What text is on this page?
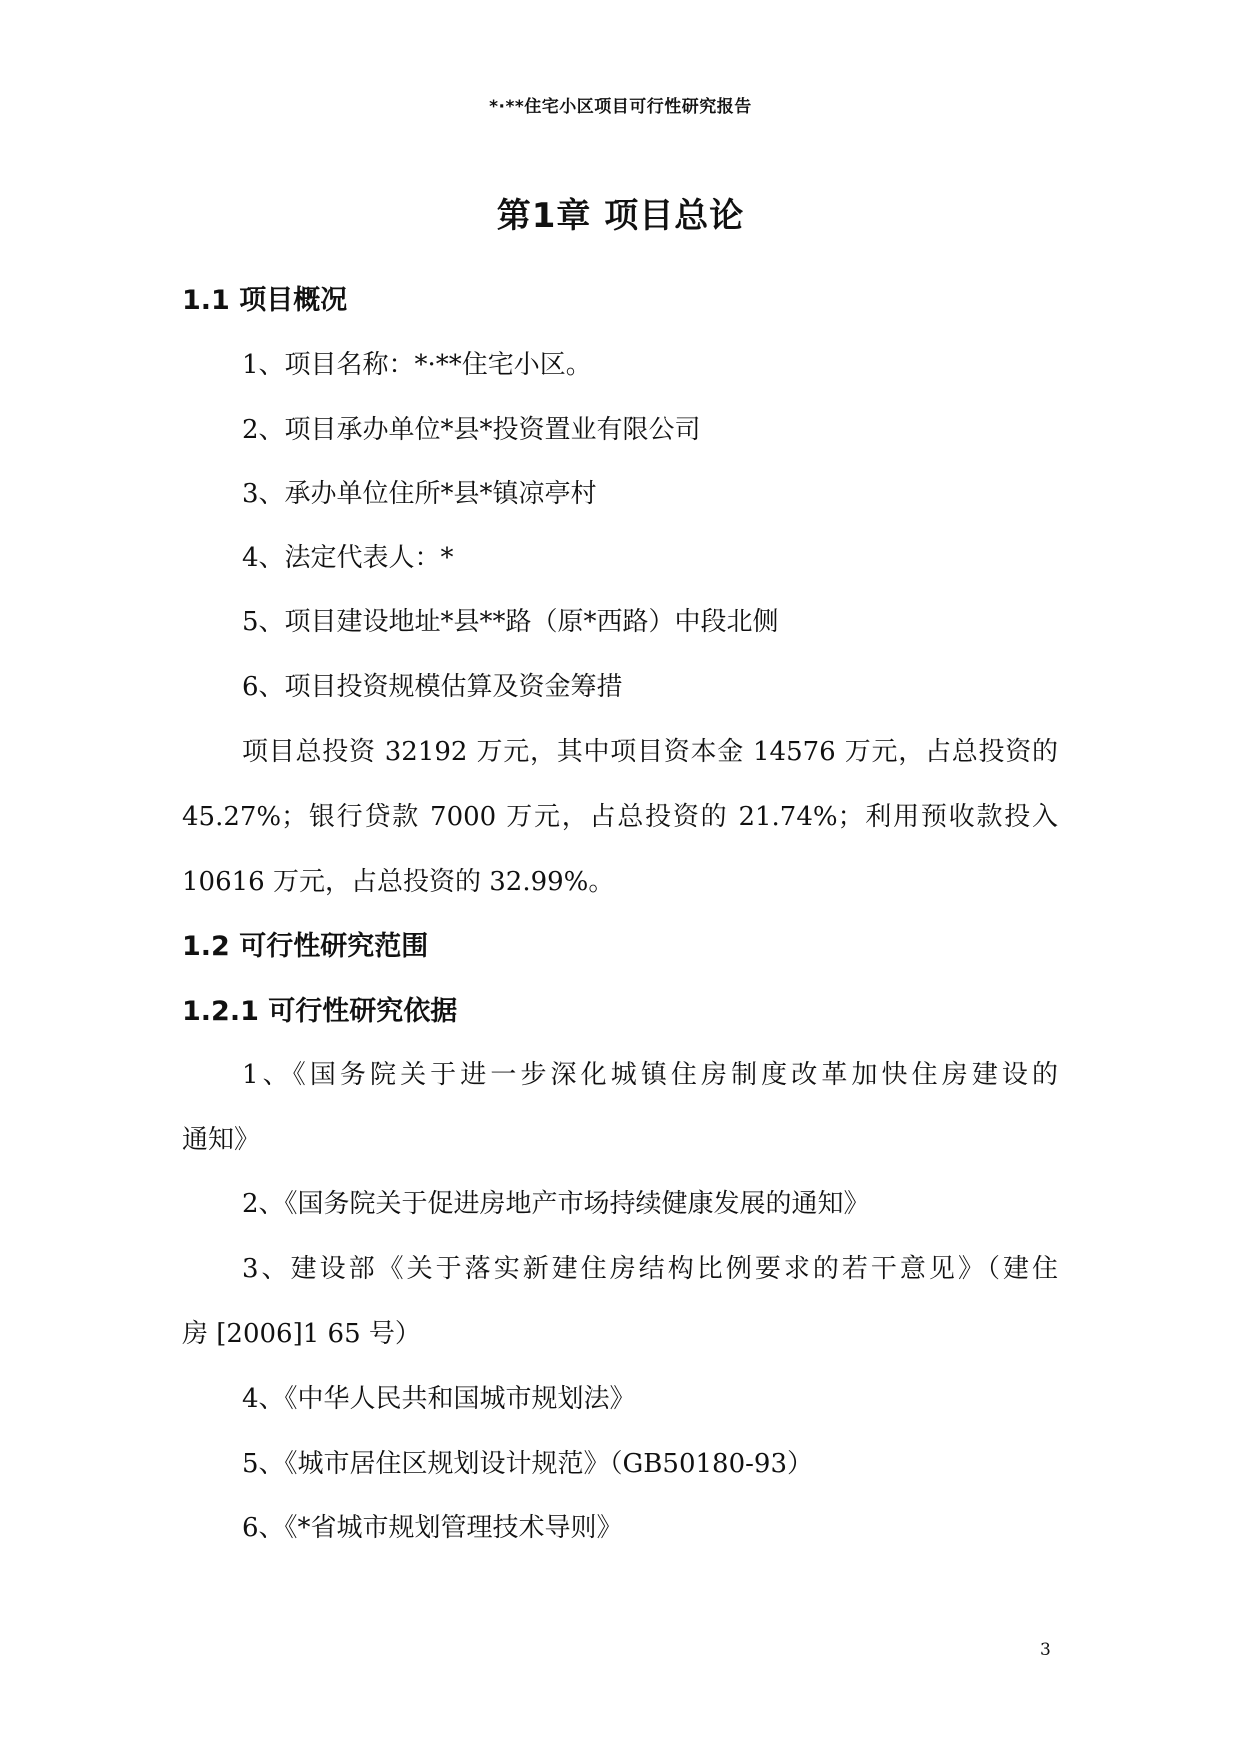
*·**住宅小区项目可行性研究报告
第1章 项目总论
1.1 项目概况
1、项目名称：*·**住宅小区。
2、项目承办单位*县*投资置业有限公司
3、承办单位住所*县*镇凉亭村
4、法定代表人：*
5、项目建设地址*县**路（原*西路）中段北侧
6、项目投资规模估算及资金筹措
项目总投资 32192 万元，其中项目资本金 14576 万元，占总投资的
45.27%；银行贷款 7000 万元，占总投资的 21.74%；利用预收款投入
10616 万元，占总投资的 32.99%。
1.2 可行性研究范围
1.2.1 可行性研究依据
1、《国务院关于进一步深化城镇住房制度改革加快住房建设的
通知》
2、《国务院关于促进房地产市场持续健康发展的通知》
3、建设部《关于落实新建住房结构比例要求的若干意见》（建住
房 [2006]1 65 号）
4、《中华人民共和国城市规划法》
5、《城市居住区规划设计规范》（GB50180-93）
6、《*省城市规划管理技术导则》
3
